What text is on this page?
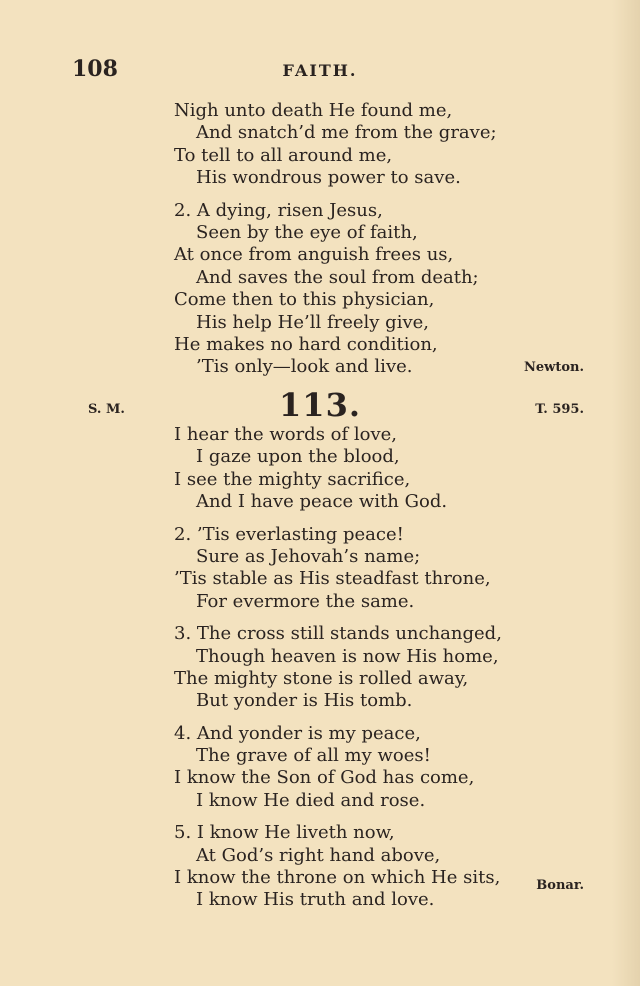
108	FAITH.
Nigh unto death He found me,
And snatch’d me from the grave;
To tell to all around me,
His wondrous power to save.
2. A dying, risen Jesus,
Seen by the eye of faith,
At once from anguish frees us,
And saves the soul from death;
Come then to this physician,
His help He’ll freely give,
He makes no hard condition,
’Tis only—look and live.	Newton.
S. M.	113.	T. 595.
I hear the words of love,
I gaze upon the blood,
I see the mighty sacrifice,
And I have peace with God.
2. ’Tis everlasting peace!
Sure as Jehovah’s name;
’Tis stable as His steadfast throne,
For evermore the same.
3. The cross still stands unchanged,
Though heaven is now His home,
The mighty stone is rolled away,
But yonder is His tomb.
4. And yonder is my peace,
The grave of all my woes!
I know the Son of God has come,
I know He died and rose.
5. I know He liveth now,
At God’s right hand above,
I know the throne on which He sits,
I know His truth and love.
Bonar.
